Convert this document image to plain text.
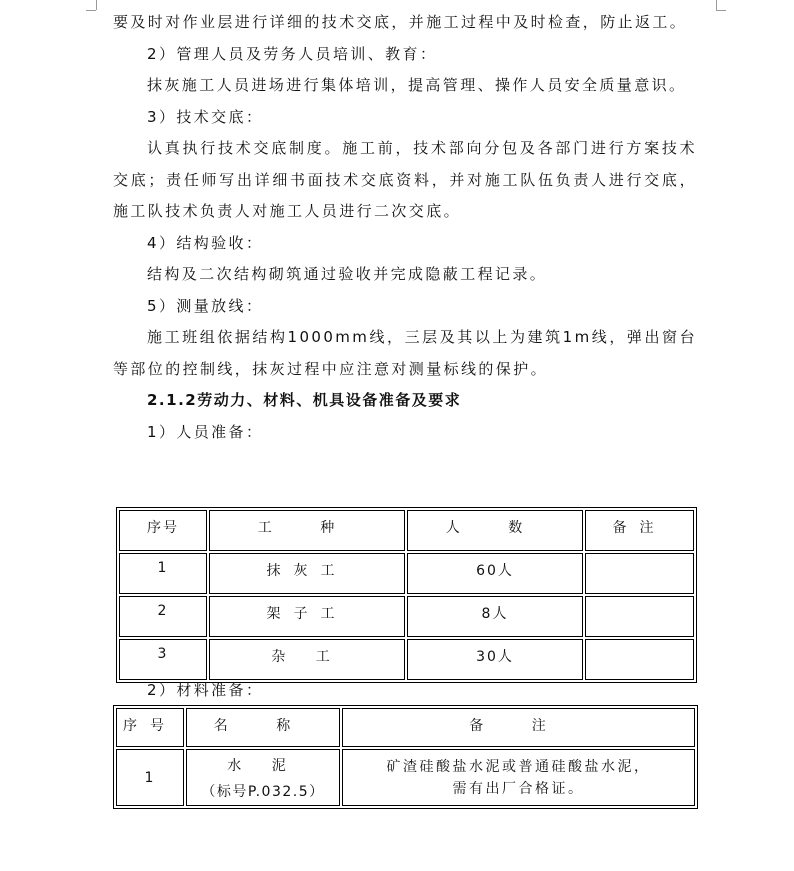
要及时对作业层进行详细的技术交底，并施工过程中及时检查，防止返工。

2）管理人员及劳务人员培训、教育：

抹灰施工人员进场进行集体培训，提高管理、操作人员安全质量意识。

3）技术交底：

认真执行技术交底制度。施工前，技术部向分包及各部门进行方案技术交底；责任师写出详细书面技术交底资料，并对施工队伍负责人进行交底，施工队技术负责人对施工人员进行二次交底。

4）结构验收：

结构及二次结构砌筑通过验收并完成隐蔽工程记录。

5）测量放线：

施工班组依据结构1000mm线，三层及其以上为建筑1m线，弹出窗台等部位的控制线，抹灰过程中应注意对测量标线的保护。

2.1.2劳动力、材料、机具设备准备及要求

1）人员准备：

序号	工 种	人 数	备注
1	抹灰工	60人	
2	架子工	8人	
3	杂 工	30人	

2）材料准备：

序号	名 称	备 注
1	水 泥
（标号P.032.5）	矿渣硅酸盐水泥或普通硅酸盐水泥，需有出厂合格证。
